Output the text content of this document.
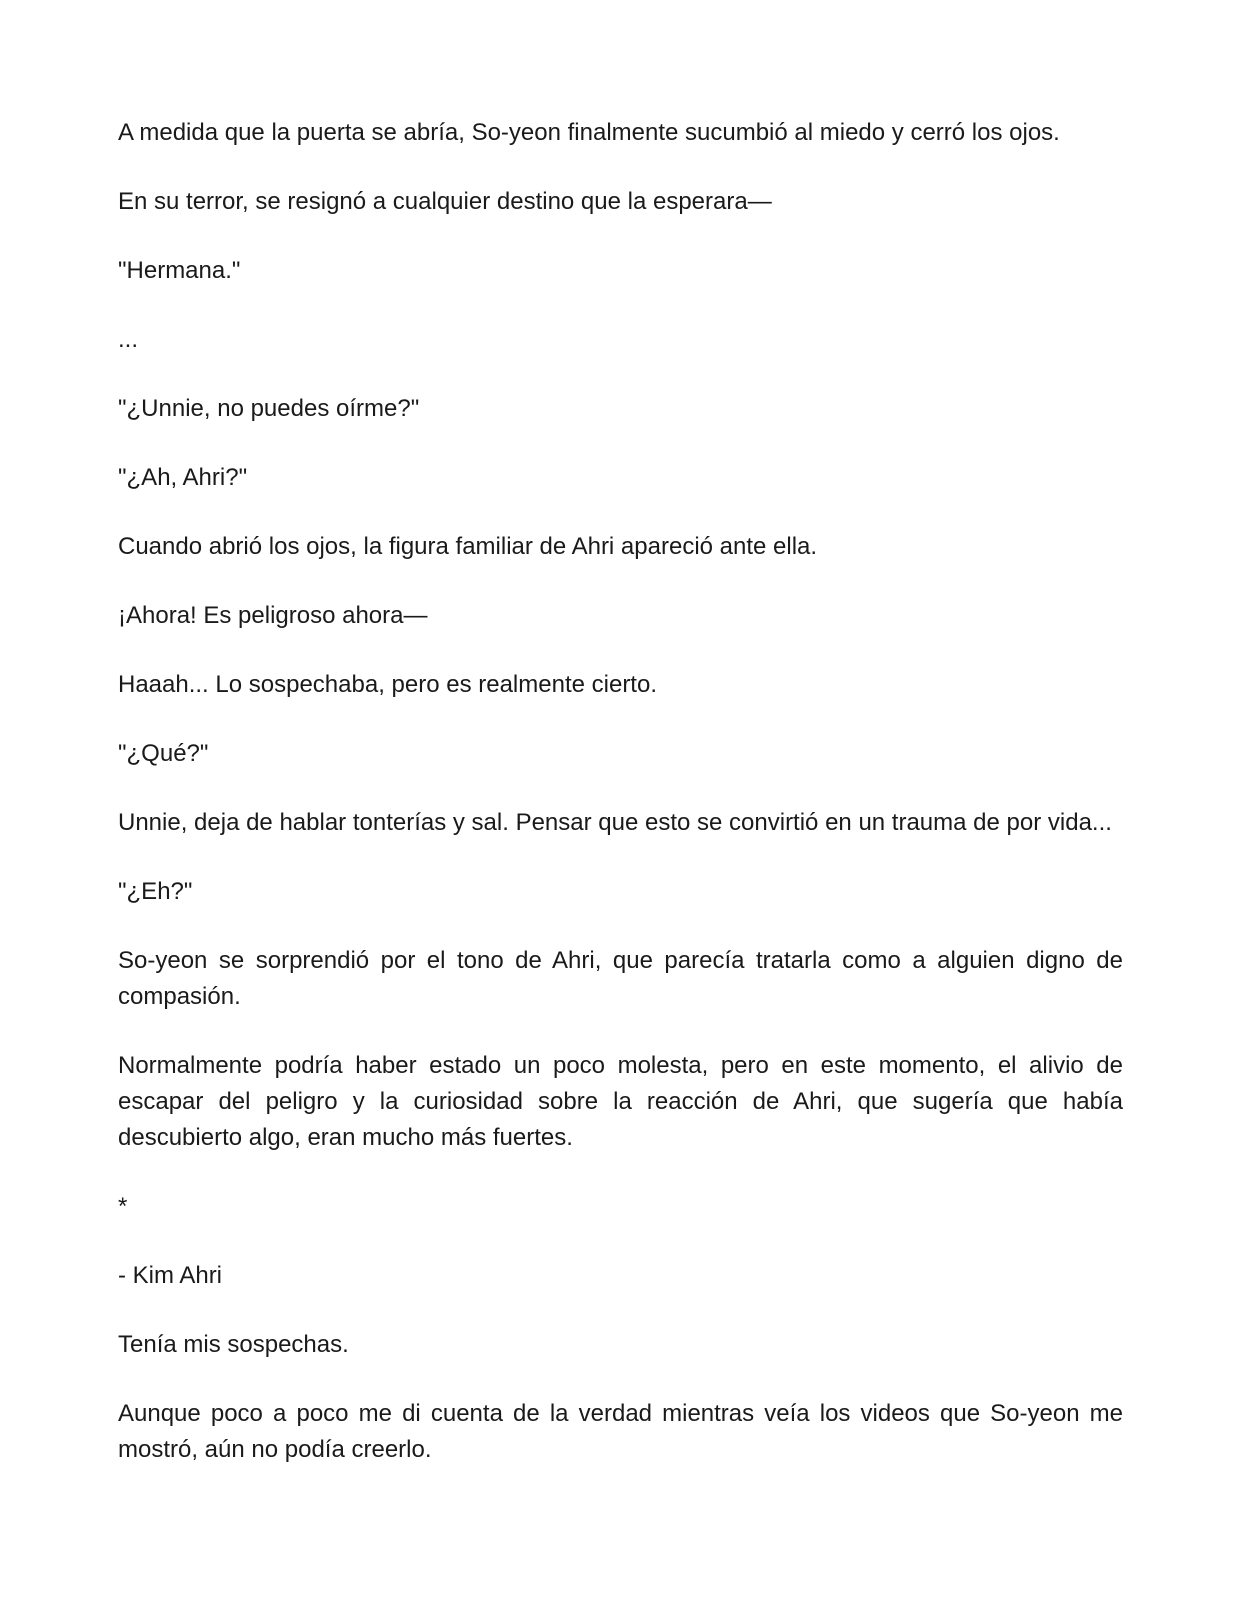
A medida que la puerta se abría, So-yeon finalmente sucumbió al miedo y cerró los ojos.

En su terror, se resignó a cualquier destino que la esperara—

"Hermana."

...

"¿Unnie, no puedes oírme?"

"¿Ah, Ahri?"

Cuando abrió los ojos, la figura familiar de Ahri apareció ante ella.

¡Ahora! Es peligroso ahora—

Haaah... Lo sospechaba, pero es realmente cierto.

"¿Qué?"

Unnie, deja de hablar tonterías y sal. Pensar que esto se convirtió en un trauma de por vida...

"¿Eh?"

So-yeon se sorprendió por el tono de Ahri, que parecía tratarla como a alguien digno de compasión.

Normalmente podría haber estado un poco molesta, pero en este momento, el alivio de escapar del peligro y la curiosidad sobre la reacción de Ahri, que sugería que había descubierto algo, eran mucho más fuertes.

*

- Kim Ahri

Tenía mis sospechas.

Aunque poco a poco me di cuenta de la verdad mientras veía los videos que So-yeon me mostró, aún no podía creerlo.
